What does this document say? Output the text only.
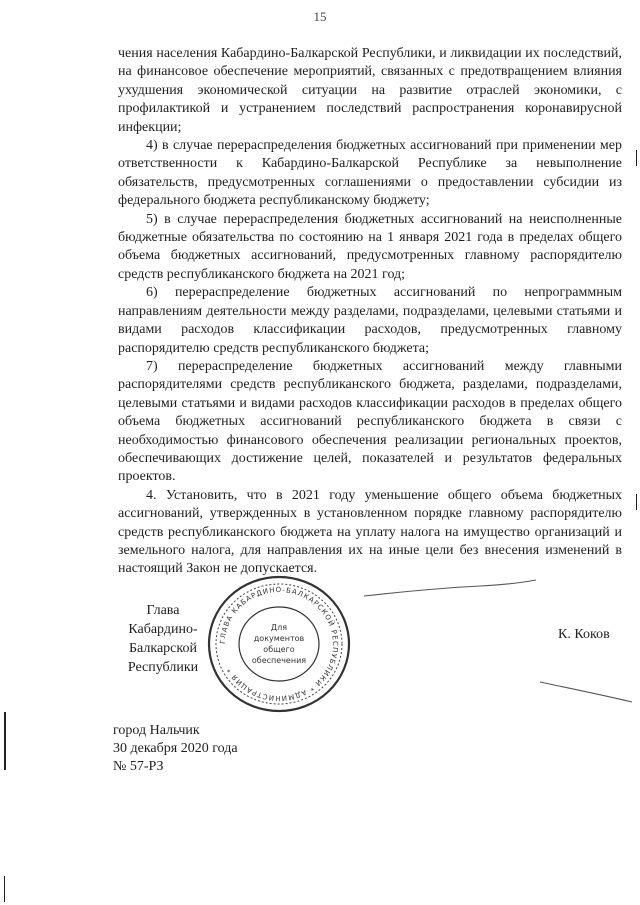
15

чения населения Кабардино-Балкарской Республики, и ликвидации их последствий, на финансовое обеспечение мероприятий, связанных с предотвращением влияния ухудшения экономической ситуации на развитие отраслей экономики, с профилактикой и устранением последствий распространения коронавирусной инфекции;

4) в случае перераспределения бюджетных ассигнований при применении мер ответственности к Кабардино-Балкарской Республике за невыполнение обязательств, предусмотренных соглашениями о предоставлении субсидии из федерального бюджета республиканскому бюджету;

5) в случае перераспределения бюджетных ассигнований на неисполненные бюджетные обязательства по состоянию на 1 января 2021 года в пределах общего объема бюджетных ассигнований, предусмотренных главному распорядителю средств республиканского бюджета на 2021 год;

6) перераспределение бюджетных ассигнований по непрограммным направлениям деятельности между разделами, подразделами, целевыми статьями и видами расходов классификации расходов, предусмотренных главному распорядителю средств республиканского бюджета;

7) перераспределение бюджетных ассигнований между главными распорядителями средств республиканского бюджета, разделами, подразделами, целевыми статьями и видами расходов классификации расходов в пределах общего объема бюджетных ассигнований республиканского бюджета в связи с необходимостью финансового обеспечения реализации региональных проектов, обеспечивающих достижение целей, показателей и результатов федеральных проектов.

4. Установить, что в 2021 году уменьшение общего объема бюджетных ассигнований, утвержденных в установленном порядке главному распорядителю средств республиканского бюджета на уплату налога на имущество организаций и земельного налога, для направления их на иные цели без внесения изменений в настоящий Закон не допускается.

Глава
Кабардино-Балкарской
Республики
ГЛАВА КАБАРДИНО-БАЛКАРСКОЙ РЕСПУБЛИКИ * АДМИНИСТРАЦИЯ *
Для
документов
общего
обеспечения
К. Коков
город Нальчик
30 декабря 2020 года
№ 57-РЗ
